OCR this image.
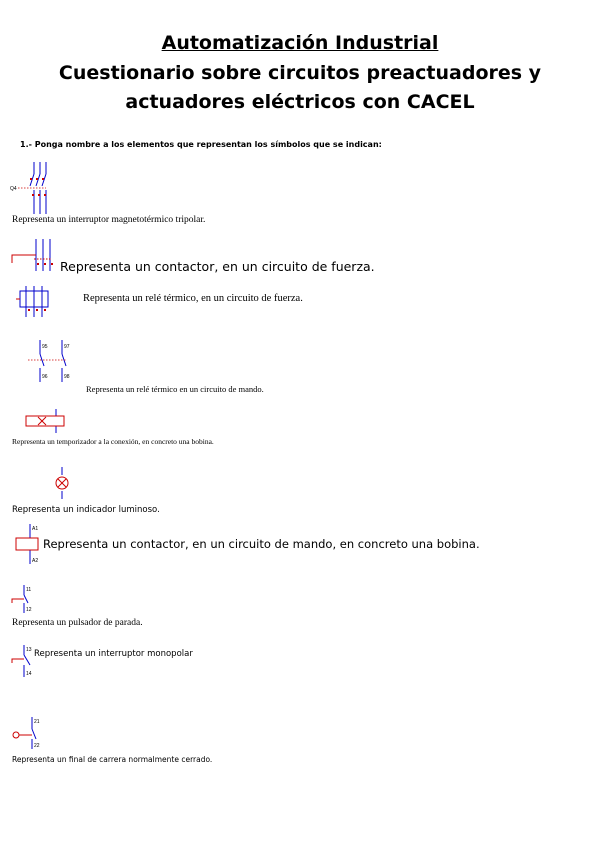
Automatización Industrial
Cuestionario sobre circuitos preactuadores y
actuadores eléctricos con CACEL
1.- Ponga nombre a los elementos que representan los símbolos que se indican:
Q4
Representa un interruptor magnetotérmico tripolar.
Representa un contactor, en un circuito de fuerza.
Representa un relé térmico, en un circuito de fuerza.
95	97
96	98
Representa un relé térmico en un circuito de mando.
Representa un temporizador a la conexión, en concreto una bobina.
Representa un indicador luminoso.
A1
A2
Representa un contactor, en un circuito de mando, en concreto una bobina.
11
12
Representa un pulsador de parada.
13
14
Representa un interruptor monopolar
21
22
Representa un final de carrera normalmente cerrado.
